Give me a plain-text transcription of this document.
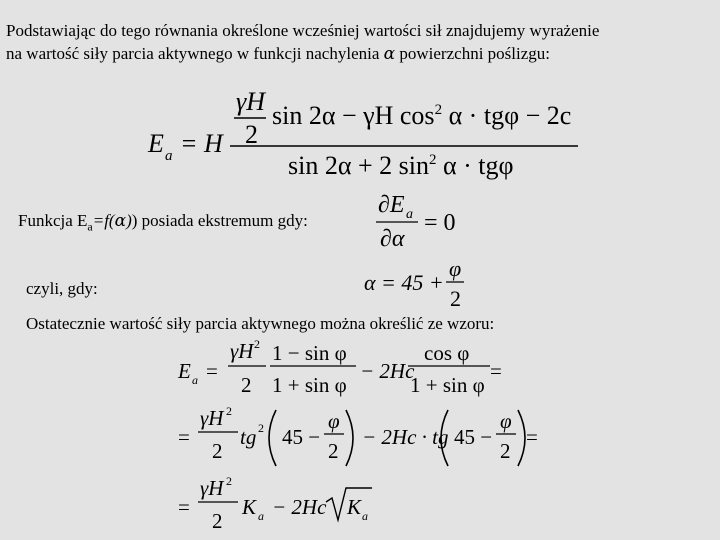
Podstawiając do tego równania określone wcześniej wartości sił znajdujemy wyrażenie
na wartość siły parcia aktywnego w funkcji nachylenia α powierzchni poślizgu:
Funkcja $E_a=f(\alpha)$) posiada ekstremum gdy:
czyli, gdy:
Ostatecznie wartość siły parcia aktywnego można określić ze wzoru:
E a = H
γH
2
sin 2α − γH $\cos^2 \alpha \cdot tg\varphi - 2c$
sin 2α + 2 $\sin^2 \alpha \cdot tg\varphi$
∂E a
∂α
= 0
α = 45 +
φ
2
E a =
γH 2
2
1 − sin φ
1 + sin φ
− 2Hc
cos φ
1 + sin φ
=
=
γH 2
2
tg 2 45 −
φ
2
− 2Hc · tg 45 −
φ
2
=
=
γH 2
2
K a − 2Hc K a
